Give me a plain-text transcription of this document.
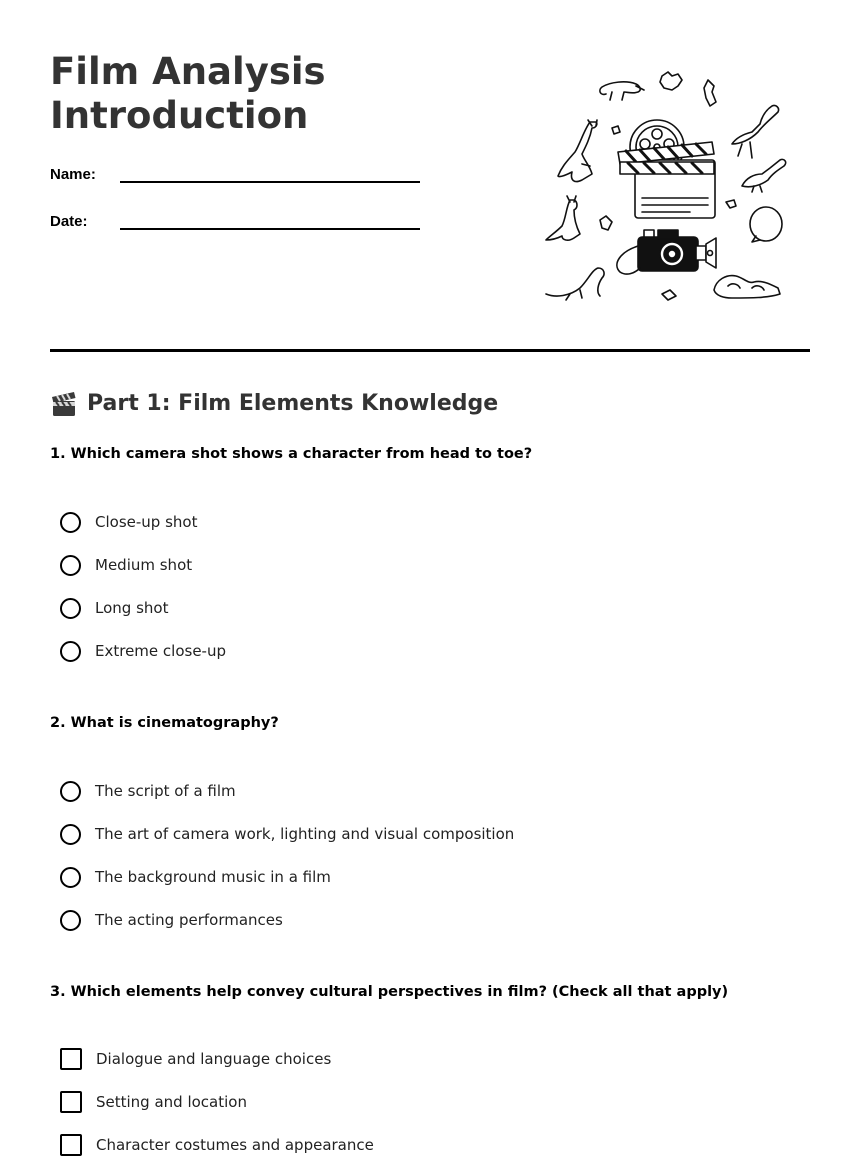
Film Analysis
Introduction
Name:
Date:
Part 1: Film Elements Knowledge

1. Which camera shot shows a character from head to toe?

Close-up shot
Medium shot
Long shot
Extreme close-up

2. What is cinematography?

The script of a film
The art of camera work, lighting and visual composition
The background music in a film
The acting performances

3. Which elements help convey cultural perspectives in film? (Check all that apply)

Dialogue and language choices
Setting and location
Character costumes and appearance
